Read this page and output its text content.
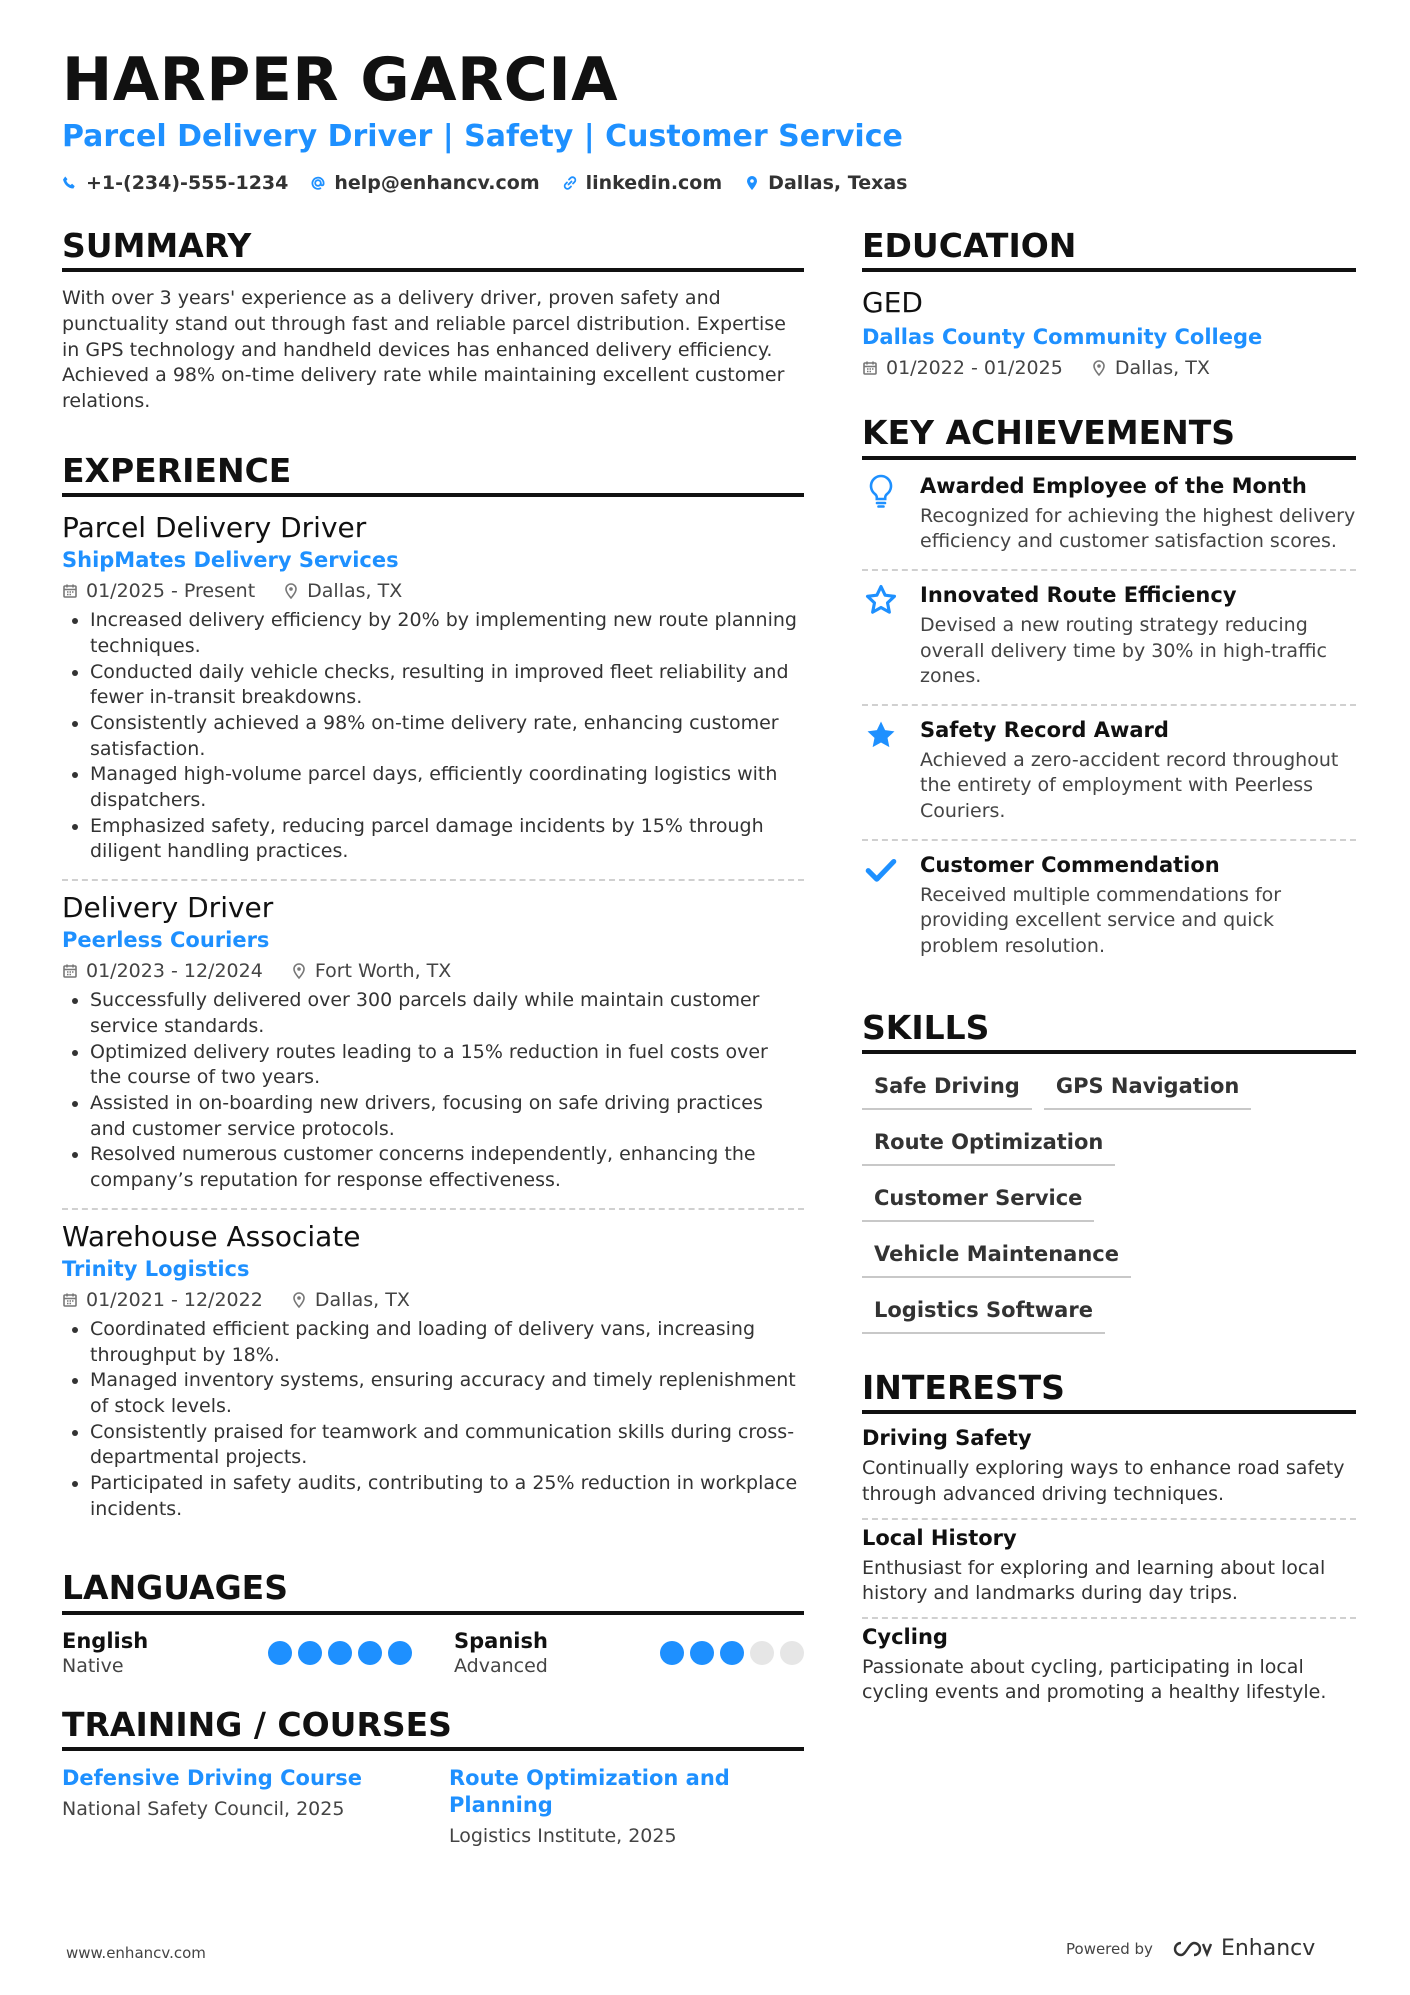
HARPER GARCIA
Parcel Delivery Driver | Safety | Customer Service
+1-(234)-555-1234 help@enhancv.com linkedin.com Dallas, Texas
SUMMARY
With over 3 years' experience as a delivery driver, proven safety and punctuality stand out through fast and reliable parcel distribution. Expertise in GPS technology and handheld devices has enhanced delivery efficiency. Achieved a 98% on-time delivery rate while maintaining excellent customer relations.
EXPERIENCE
Parcel Delivery Driver
ShipMates Delivery Services
01/2025 - Present	Dallas, TX
• Increased delivery efficiency by 20% by implementing new route planning techniques.
• Conducted daily vehicle checks, resulting in improved fleet reliability and fewer in-transit breakdowns.
• Consistently achieved a 98% on-time delivery rate, enhancing customer satisfaction.
• Managed high-volume parcel days, efficiently coordinating logistics with dispatchers.
• Emphasized safety, reducing parcel damage incidents by 15% through diligent handling practices.
Delivery Driver
Peerless Couriers
01/2023 - 12/2024	Fort Worth, TX
• Successfully delivered over 300 parcels daily while maintain customer service standards.
• Optimized delivery routes leading to a 15% reduction in fuel costs over the course of two years.
• Assisted in on-boarding new drivers, focusing on safe driving practices and customer service protocols.
• Resolved numerous customer concerns independently, enhancing the company’s reputation for response effectiveness.
Warehouse Associate
Trinity Logistics
01/2021 - 12/2022	Dallas, TX
• Coordinated efficient packing and loading of delivery vans, increasing throughput by 18%.
• Managed inventory systems, ensuring accuracy and timely replenishment of stock levels.
• Consistently praised for teamwork and communication skills during cross-departmental projects.
• Participated in safety audits, contributing to a 25% reduction in workplace incidents.
LANGUAGES
English
Native
Spanish
Advanced
TRAINING / COURSES
Defensive Driving Course
National Safety Council, 2025
Route Optimization and Planning
Logistics Institute, 2025
EDUCATION
GED
Dallas County Community College
01/2022 - 01/2025	Dallas, TX
KEY ACHIEVEMENTS
Awarded Employee of the Month
Recognized for achieving the highest delivery efficiency and customer satisfaction scores.
Innovated Route Efficiency
Devised a new routing strategy reducing overall delivery time by 30% in high-traffic zones.
Safety Record Award
Achieved a zero-accident record throughout the entirety of employment with Peerless Couriers.
Customer Commendation
Received multiple commendations for providing excellent service and quick problem resolution.
SKILLS
Safe Driving	GPS Navigation
Route Optimization
Customer Service
Vehicle Maintenance
Logistics Software
INTERESTS
Driving Safety
Continually exploring ways to enhance road safety through advanced driving techniques.
Local History
Enthusiast for exploring and learning about local history and landmarks during day trips.
Cycling
Passionate about cycling, participating in local cycling events and promoting a healthy lifestyle.
www.enhancv.com	Powered by	Enhancv
